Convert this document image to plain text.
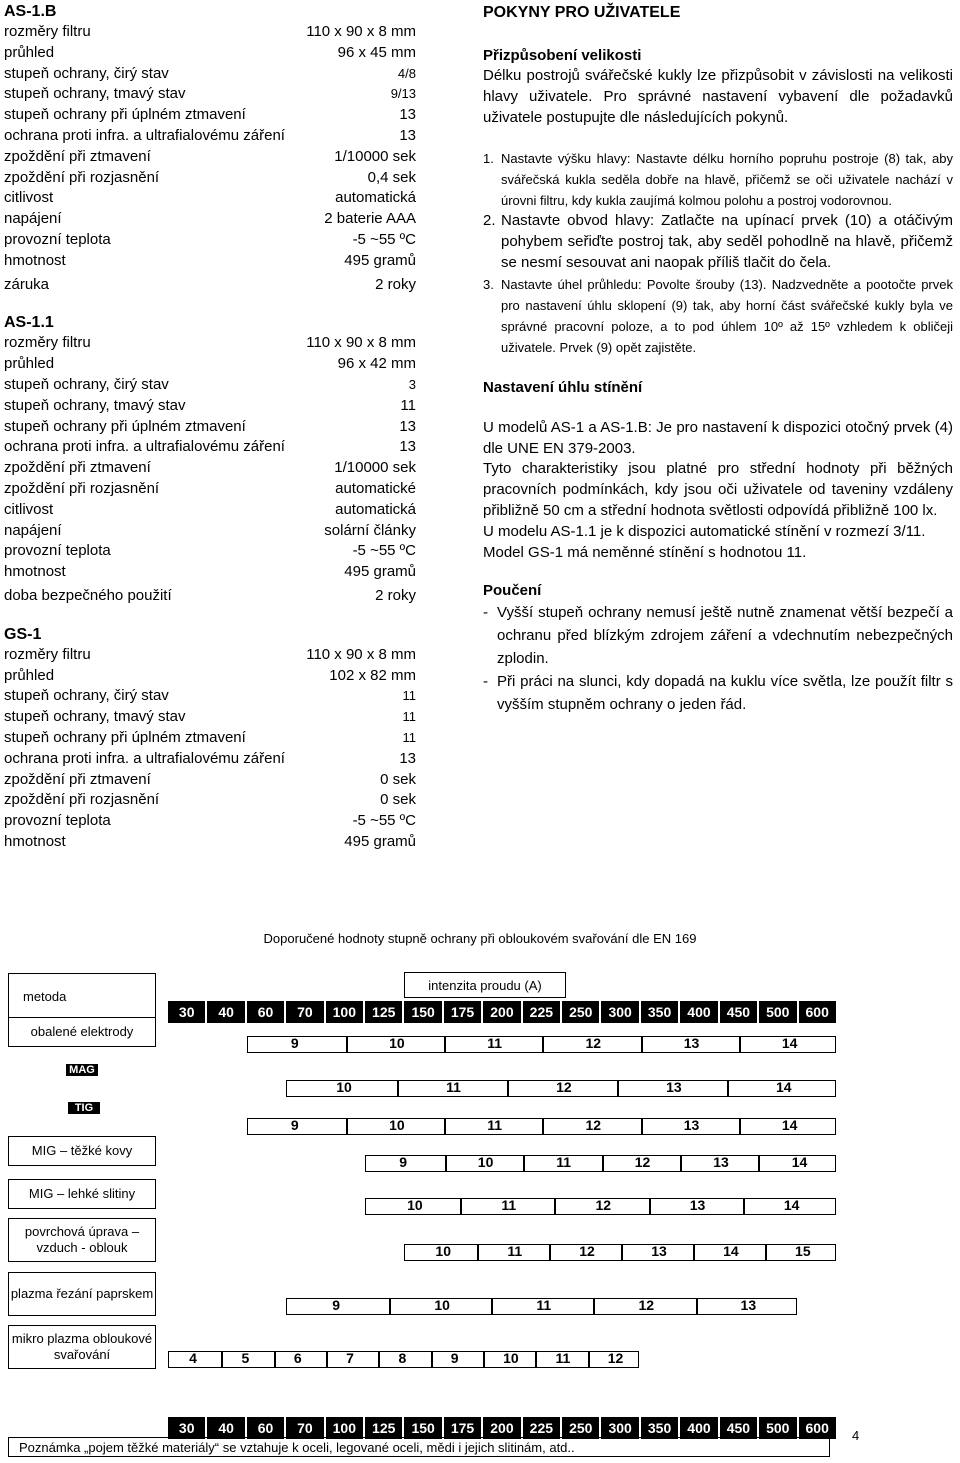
AS-1.B
rozměry filtru	110 x 90 x 8 mm
průhled	96 x 45 mm
stupeň ochrany, čirý stav	4/8
stupeň ochrany, tmavý stav	9/13
stupeň ochrany při úplném ztmavení	13
ochrana proti infra. a ultrafialovému záření	13
zpoždění při ztmavení	1/10000 sek
zpoždění při rozjasnění	0,4 sek
citlivost	automatická
napájení	2 baterie AAA
provozní teplota	-5 ~55 ºC
hmotnost	495 gramů
záruka	2 roky
AS-1.1
rozměry filtru	110 x 90 x 8 mm
průhled	96 x 42 mm
stupeň ochrany, čirý stav	3
stupeň ochrany, tmavý stav	11
stupeň ochrany při úplném ztmavení	13
ochrana proti infra. a ultrafialovému záření	13
zpoždění při ztmavení	1/10000 sek
zpoždění při rozjasnění	automatické
citlivost	automatická
napájení	solární články
provozní teplota	-5 ~55 ºC
hmotnost	495 gramů
doba bezpečného použití	2 roky
GS-1
rozměry filtru	110 x 90 x 8 mm
průhled	102 x 82 mm
stupeň ochrany, čirý stav	11
stupeň ochrany, tmavý stav	11
stupeň ochrany při úplném ztmavení	11
ochrana proti infra. a ultrafialovému záření	13
zpoždění při ztmavení	0 sek
zpoždění při rozjasnění	0 sek
provozní teplota	-5 ~55 ºC
hmotnost	495 gramů
POKYNY PRO UŽIVATELE
Přizpůsobení velikosti

Délku postrojů svářečské kukly lze přizpůsobit v závislosti na velikosti hlavy uživatele. Pro správné nastavení vybavení dle požadavků uživatele postupujte dle následujících pokynů.

1. Nastavte výšku hlavy: Nastavte délku horního popruhu postroje (8) tak, aby svářečská kukla seděla dobře na hlavě, přičemž se oči uživatele nachází v úrovni filtru, kdy kukla zaujímá kolmou polohu a postroj vodorovnou.
2. Nastavte obvod hlavy: Zatlačte na upínací prvek (10) a otáčivým pohybem seřiďte postroj tak, aby seděl pohodlně na hlavě, přičemž se nesmí sesouvat ani naopak příliš tlačit do čela.
3. Nastavte úhel průhledu: Povolte šrouby (13). Nadzvedněte a pootočte prvek pro nastavení úhlu sklopení (9) tak, aby horní část svářečské kukly byla ve správné pracovní poloze, a to pod úhlem 10º až 15º vzhledem k obličeji uživatele. Prvek (9) opět zajistěte.
Nastavení úhlu stínění

U modelů AS-1 a AS-1.B: Je pro nastavení k dispozici otočný prvek (4) dle UNE EN 379-2003.

Tyto charakteristiky jsou platné pro střední hodnoty při běžných pracovních podmínkách, kdy jsou oči uživatele od taveniny vzdáleny přibližně 50 cm a střední hodnota světlosti odpovídá přibližně 100 lx.

U modelu AS-1.1 je k dispozici automatické stínění v rozmezí 3/11.

Model GS-1 má neměnné stínění s hodnotou 11.

Poučení
- Vyšší stupeň ochrany nemusí ještě nutně znamenat větší bezpečí a ochranu před blízkým zdrojem záření a vdechnutím nebezpečných zplodin.
- Při práci na slunci, kdy dopadá na kuklu více světla, lze použít filtr s vyšším stupněm ochrany o jeden řád.
Doporučené hodnoty stupně ochrany při obloukovém svařování dle EN 169
metoda
intenzita proudu (A)
30	40	60	70	100	125	150	175	200	225	250	300	350	400	450	500	600
obalené elektrody
9	10	11	12	13	14
MAG
10	11	12	13	14
TIG
9	10	11	12	13	14
MIG – těžké kovy
9	10	11	12	13	14
MIG – lehké slitiny
10	11	12	13	14
povrchová úprava – vzduch - oblouk	10	11	12	13	14	15
plazma řezání paprskem
9	10	11	12	13
mikro plazma obloukové svařování	4	5	6	7	8	9	10	11	12
30	40	60	70	100	125	150	175	200	225	250	300	350	400	450	500	600
Poznámka „pojem těžké materiály“ se vztahuje k oceli, legované oceli, mědi i jejich slitinám, atd..
4
